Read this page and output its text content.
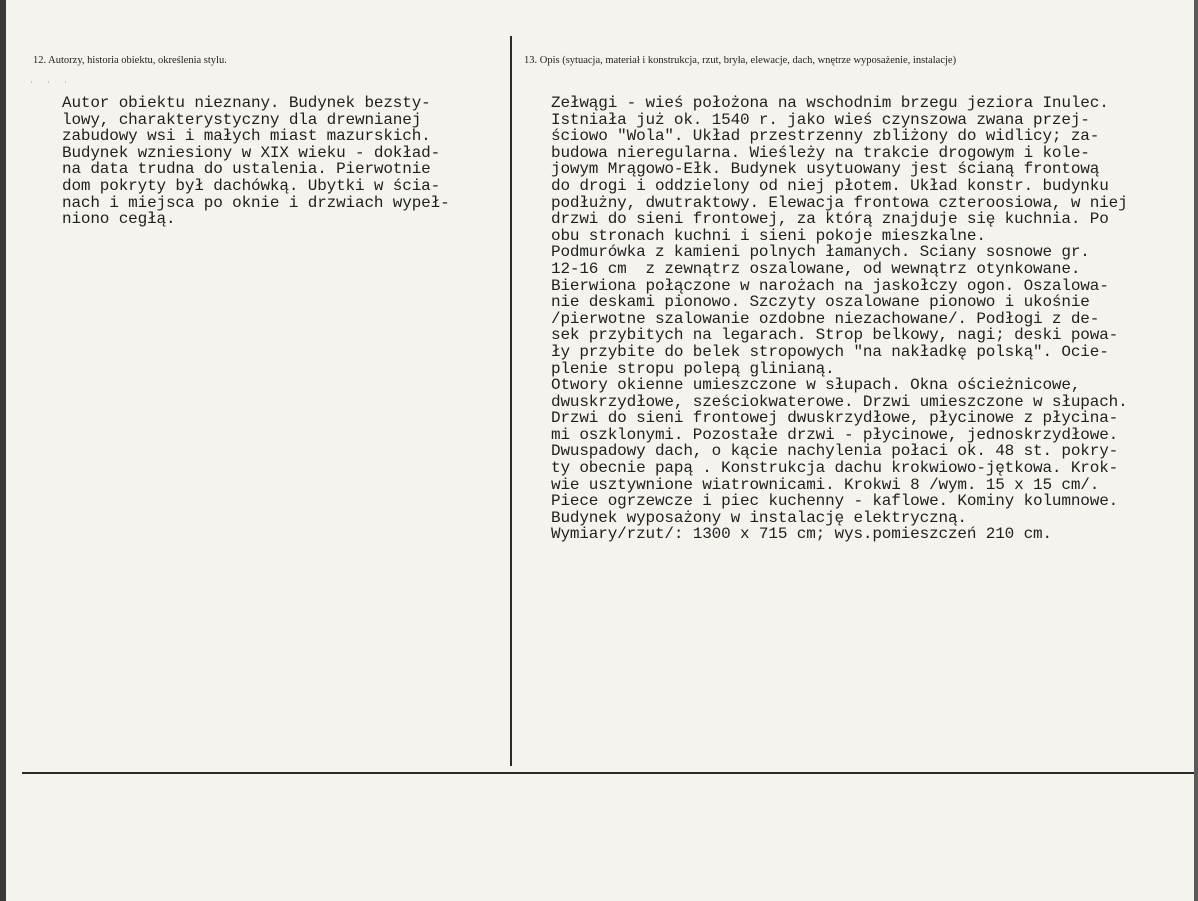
· · ·
12. Autorzy, historia obiektu, określenia stylu.	13. Opis (sytuacja, materiał i konstrukcja, rzut, bryła, elewacje, dach, wnętrze wyposażenie, instalacje)
Autor obiektu nieznany. Budynek bezsty-
lowy, charakterystyczny dla drewnianej
zabudowy wsi i małych miast mazurskich.
Budynek wzniesiony w XIX wieku - dokład-
na data trudna do ustalenia. Pierwotnie
dom pokryty był dachówką. Ubytki w ścia-
nach i miejsca po oknie i drzwiach wypeł-
niono cegłą.
Zełwągi - wieś położona na wschodnim brzegu jeziora Inulec.
Istniała już ok. 1540 r. jako wieś czynszowa zwana przej-
ściowo "Wola". Układ przestrzenny zbliżony do widlicy; za-
budowa nieregularna. Wieśleży na trakcie drogowym i kole-
jowym Mrągowo-Ełk. Budynek usytuowany jest ścianą frontową
do drogi i oddzielony od niej płotem. Układ konstr. budynku
podłużny, dwutraktowy. Elewacja frontowa czteroosiowa, w niej
drzwi do sieni frontowej, za którą znajduje się kuchnia. Po
obu stronach kuchni i sieni pokoje mieszkalne.
Podmurówka z kamieni polnych łamanych. Sciany sosnowe gr.
12-16 cm  z zewnątrz oszalowane, od wewnątrz otynkowane.
Bierwiona połączone w narożach na jaskołczy ogon. Oszalowa-
nie deskami pionowo. Szczyty oszalowane pionowo i ukośnie
/pierwotne szalowanie ozdobne niezachowane/. Podłogi z de-
sek przybitych na legarach. Strop belkowy, nagi; deski powa-
ły przybite do belek stropowych "na nakładkę polską". Ocie-
plenie stropu polepą glinianą.
Otwory okienne umieszczone w słupach. Okna ościeżnicowe,
dwuskrzydłowe, sześciokwaterowe. Drzwi umieszczone w słupach.
Drzwi do sieni frontowej dwuskrzydłowe, płycinowe z płycina-
mi oszklonymi. Pozostałe drzwi - płycinowe, jednoskrzydłowe.
Dwuspadowy dach, o kącie nachylenia połaci ok. 48 st. pokry-
ty obecnie papą . Konstrukcja dachu krokwiowo-jętkowa. Krok-
wie usztywnione wiatrownicami. Krokwi 8 /wym. 15 x 15 cm/.
Piece ogrzewcze i piec kuchenny - kaflowe. Kominy kolumnowe.
Budynek wyposażony w instalację elektryczną.
Wymiary/rzut/: 1300 x 715 cm; wys.pomieszczeń 210 cm.
